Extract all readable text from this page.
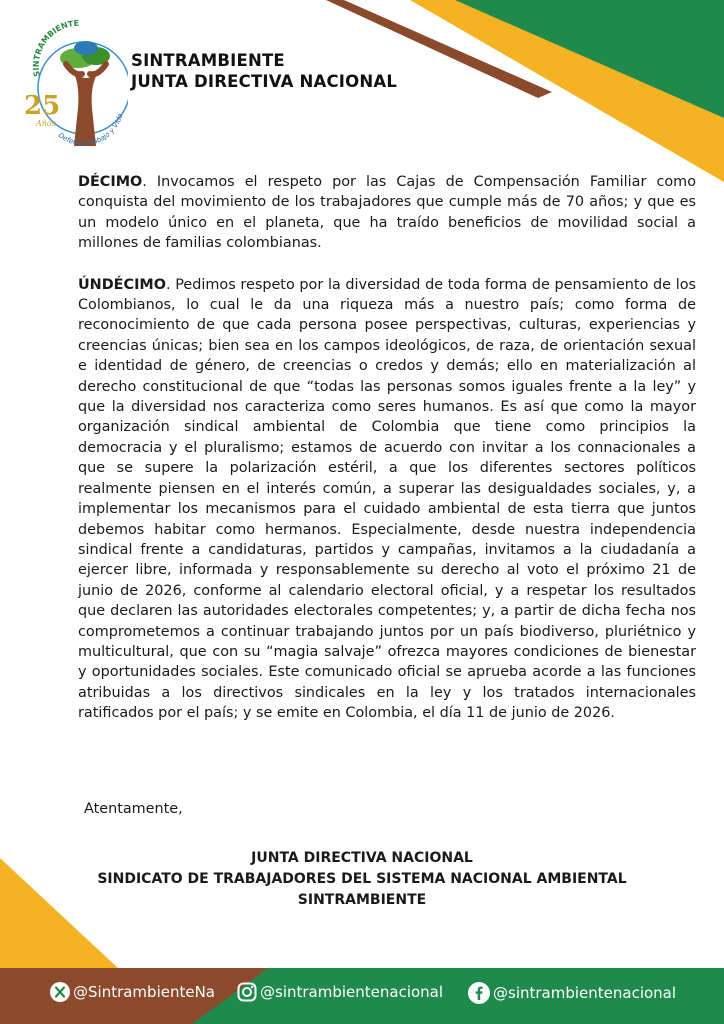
SINTRAMBIENTE
Defensa,Trabajo y Vida
25
Años
SINTRAMBIENTE
JUNTA DIRECTIVA NACIONAL

DÉCIMO. Invocamos el respeto por las Cajas de Compensación Familiar como conquista del movimiento de los trabajadores que cumple más de 70 años; y que es un modelo único en el planeta, que ha traído beneficios de movilidad social a millones de familias colombianas.

ÚNDÉCIMO. Pedimos respeto por la diversidad de toda forma de pensamiento de los Colombianos, lo cual le da una riqueza más a nuestro país; como forma de reconocimiento de que cada persona posee perspectivas, culturas, experiencias y creencias únicas; bien sea en los campos ideológicos, de raza, de orientación sexual e identidad de género, de creencias o credos y demás; ello en materialización al derecho constitucional de que “todas las personas somos iguales frente a la ley” y que la diversidad nos caracteriza como seres humanos. Es así que como la mayor organización sindical ambiental de Colombia que tiene como principios la democracia y el pluralismo; estamos de acuerdo con invitar a los connacionales a que se supere la polarización estéril, a que los diferentes sectores políticos realmente piensen en el interés común, a superar las desigualdades sociales, y, a implementar los mecanismos para el cuidado ambiental de esta tierra que juntos debemos habitar como hermanos. Especialmente, desde nuestra independencia sindical frente a candidaturas, partidos y campañas, invitamos a la ciudadanía a ejercer libre, informada y responsablemente su derecho al voto el próximo 21 de junio de 2026, conforme al calendario electoral oficial, y a respetar los resultados que declaren las autoridades electorales competentes; y, a partir de dicha fecha nos comprometemos a continuar trabajando juntos por un país biodiverso, pluriétnico y multicultural, que con su “magia salvaje” ofrezca mayores condiciones de bienestar y oportunidades sociales. Este comunicado oficial se aprueba acorde a las funciones atribuidas a los directivos sindicales en la ley y los tratados internacionales ratificados por el país; y se emite en Colombia, el día 11 de junio de 2026.

Atentamente,
JUNTA DIRECTIVA NACIONAL
SINDICATO DE TRABAJADORES DEL SISTEMA NACIONAL AMBIENTAL
SINTRAMBIENTE
@SintrambienteNa	@sintrambientenacional	@sintrambientenacional
